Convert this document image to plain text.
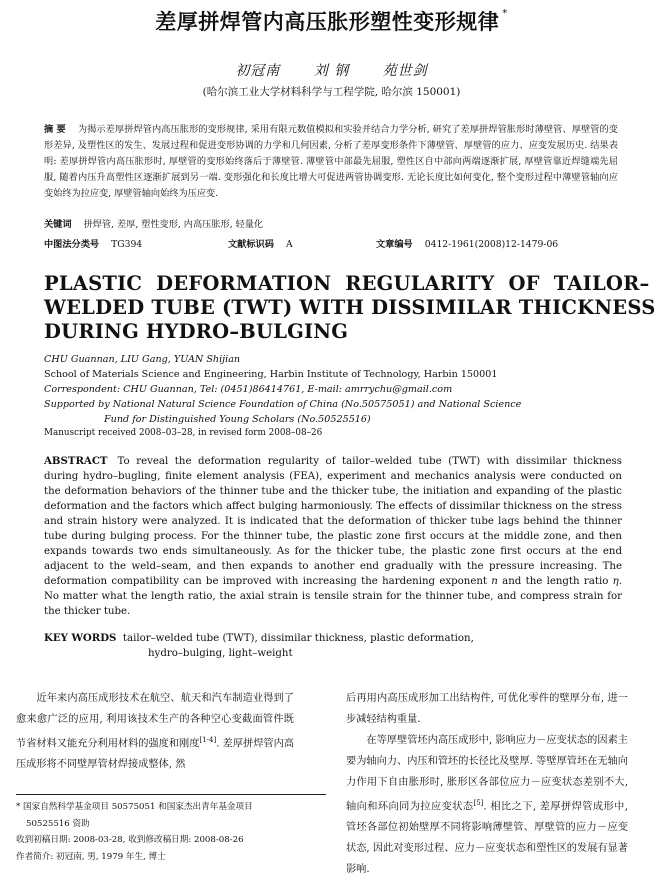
差厚拼焊管内高压胀形塑性变形规律 *
初冠南 刘 钢 苑世剑
(哈尔滨工业大学材料科学与工程学院, 哈尔滨 150001)
摘 要 为揭示差厚拼焊管内高压胀形的变形规律, 采用有限元数值模拟和实验并结合力学分析, 研究了差厚拼焊管胀形时薄壁管、厚壁管的变形差异, 及塑性区的发生、发展过程和促进变形协调的力学和几何因素, 分析了差厚变形条件下薄壁管、厚壁管的应力、应变发展历史. 结果表明: 差厚拼焊管内高压胀形时, 厚壁管的变形始终落后于薄壁管. 薄壁管中部最先屈服, 塑性区自中部向两端逐渐扩展, 厚壁管靠近焊缝端先屈服, 随着内压升高塑性区逐渐扩展到另一端. 变形强化和长度比增大可促进两管协调变形. 无论长度比如何变化, 整个变形过程中薄壁管轴向应变始终为拉应变, 厚壁管轴向始终为压应变.
关键词 拼焊管, 差厚, 塑性变形, 内高压胀形, 轻量化
中图法分类号 TG394	文献标识码 A	文章编号 0412-1961(2008)12-1479-06
PLASTIC  DEFORMATION  REGULARITY  OF  TAILOR–
WELDED TUBE (TWT) WITH DISSIMILAR THICKNESS
DURING HYDRO–BULGING
CHU Guannan, LIU Gang, YUAN Shijian
School of Materials Science and Engineering, Harbin Institute of Technology, Harbin 150001
Correspondent: CHU Guannan, Tel: (0451)86414761, E-mail: amrrychu@gmail.com
Supported by National Natural Science Foundation of China (No.50575051) and National Science
Fund for Distinguished Young Scholars (No.50525516)
Manuscript received 2008–03–28, in revised form 2008–08–26
ABSTRACT To reveal the deformation regularity of tailor–welded tube (TWT) with dissimilar thickness during hydro–bugling, finite element analysis (FEA), experiment and mechanics analysis were conducted on the deformation behaviors of the thinner tube and the thicker tube, the initiation and expanding of the plastic deformation and the factors which affect bulging harmoniously. The effects of dissimilar thickness on the stress and strain history were analyzed. It is indicated that the deformation of thicker tube lags behind the thinner tube during bulging process. For the thinner tube, the plastic zone first occurs at the middle zone, and then expands towards two ends simultaneously. As for the thicker tube, the plastic zone first occurs at the end adjacent to the weld–seam, and then expands to another end gradually with the pressure increasing. The deformation compatibility can be improved with increasing the hardening exponent n and the length ratio η. No matter what the length ratio, the axial strain is tensile strain for the thinner tube, and compress strain for the thicker tube.
KEY WORDS tailor–welded tube (TWT), dissimilar thickness, plastic deformation,
hydro–bulging, light–weight

近年来内高压成形技术在航空、航天和汽车制造业得到了愈来愈广泛的应用, 利用该技术生产的各种空心变截面管件既节省材料又能充分利用材料的强度和刚度[1-4]. 差厚拼焊管内高压成形将不同壁厚管材焊接成整体, 然

后再用内高压成形加工出结构件, 可优化零件的壁厚分布, 进一步减轻结构重量.

在等厚壁管坯内高压成形中, 影响应力－应变状态的因素主要为轴向力、内压和管坯的长径比及壁厚. 等壁厚管坯在无轴向力作用下自由胀形时, 胀形区各部位应力－应变状态差别不大, 轴向和环向同为拉应变状态[5]. 相比之下, 差厚拼焊管成形中, 管坯各部位初始壁厚不同将影响薄壁管、厚壁管的应力－应变状态, 因此对变形过程、应力－应变状态和塑性区的发展有显著影响.

* 国家自然科学基金项目 50575051 和国家杰出青年基金项目
50525516 资助
收到初稿日期: 2008-03-28, 收到修改稿日期: 2008-08-26
作者简介: 初冠南, 男, 1979 年生, 博士
